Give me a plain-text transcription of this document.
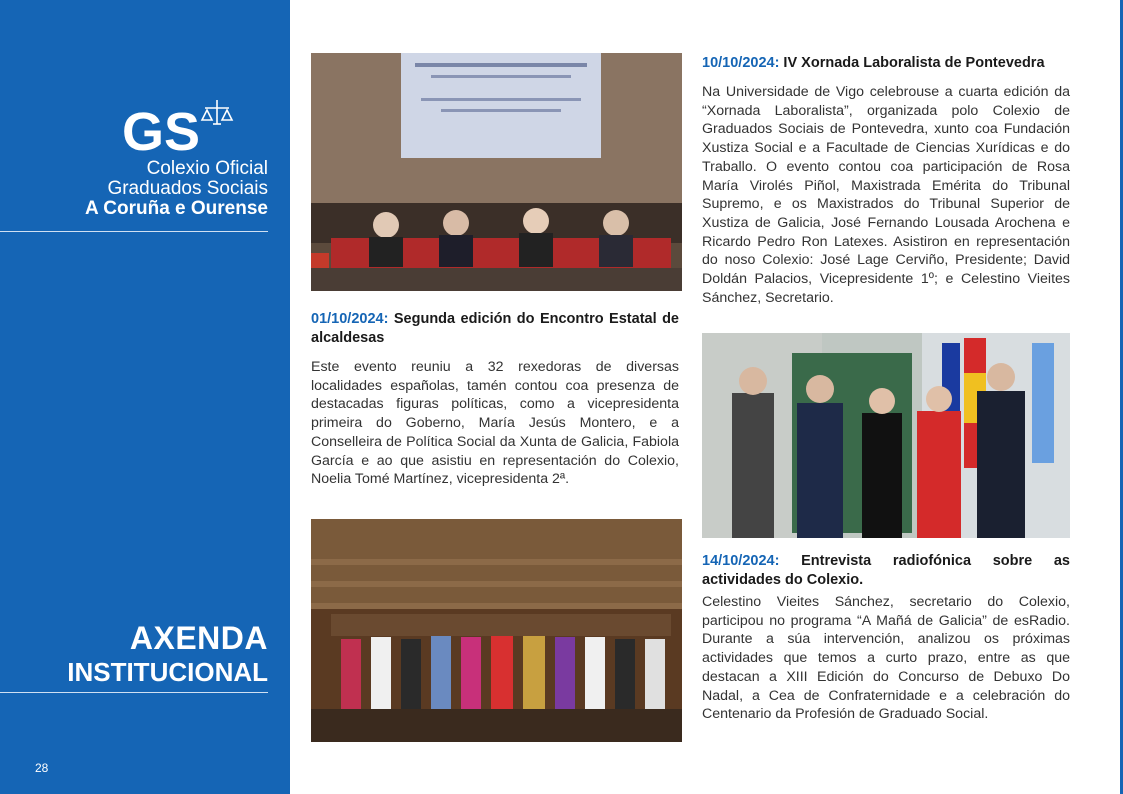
GS
Colexio Oficial
Graduados Sociais
A Coruña e Ourense
AXENDA
INSTITUCIONAL
28
01/10/2024: Segunda edición do Encontro Estatal de alcaldesas

Este evento reuniu a 32 rexedoras de diversas localidades españolas, tamén contou coa presenza de destacadas figuras políticas, como a vicepresidenta primeira do Goberno, María Jesús Montero, e a Conselleira de Política Social da Xunta de Galicia, Fabiola García e ao que asistiu en representación do Colexio, Noelia Tomé Martínez, vicepresidenta 2ª.

10/10/2024: IV Xornada Laboralista de Pontevedra

Na Universidade de Vigo celebrouse a cuarta edición da “Xornada Laboralista”, organizada polo Colexio de Graduados Sociais de Pontevedra, xunto coa Fundación Xustiza Social e a Facultade de Ciencias Xurídicas e do Traballo. O evento contou coa participación de Rosa María Virolés Piñol, Maxistrada Emérita do Tribunal Supremo, e os Maxistrados do Tribunal Superior de Xustiza de Galicia, José Fernando Lousada Arochena e Ricardo Pedro Ron Latexes. Asistiron en representación do noso Colexio: José Lage Cerviño, Presidente; David Doldán Palacios, Vicepresidente 1º; e Celestino Vieites Sánchez, Secretario.

14/10/2024: Entrevista radiofónica sobre as actividades do Colexio.

Celestino Vieites Sánchez, secretario do Colexio, participou no programa “A Mañá de Galicia” de esRadio. Durante a súa intervención, analizou os próximas actividades que temos a curto prazo, entre as que destacan a XIII Edición do Concurso de Debuxo Do Nadal, a Cea de Confraternidade e a celebración do Centenario da Profesión de Graduado Social.
